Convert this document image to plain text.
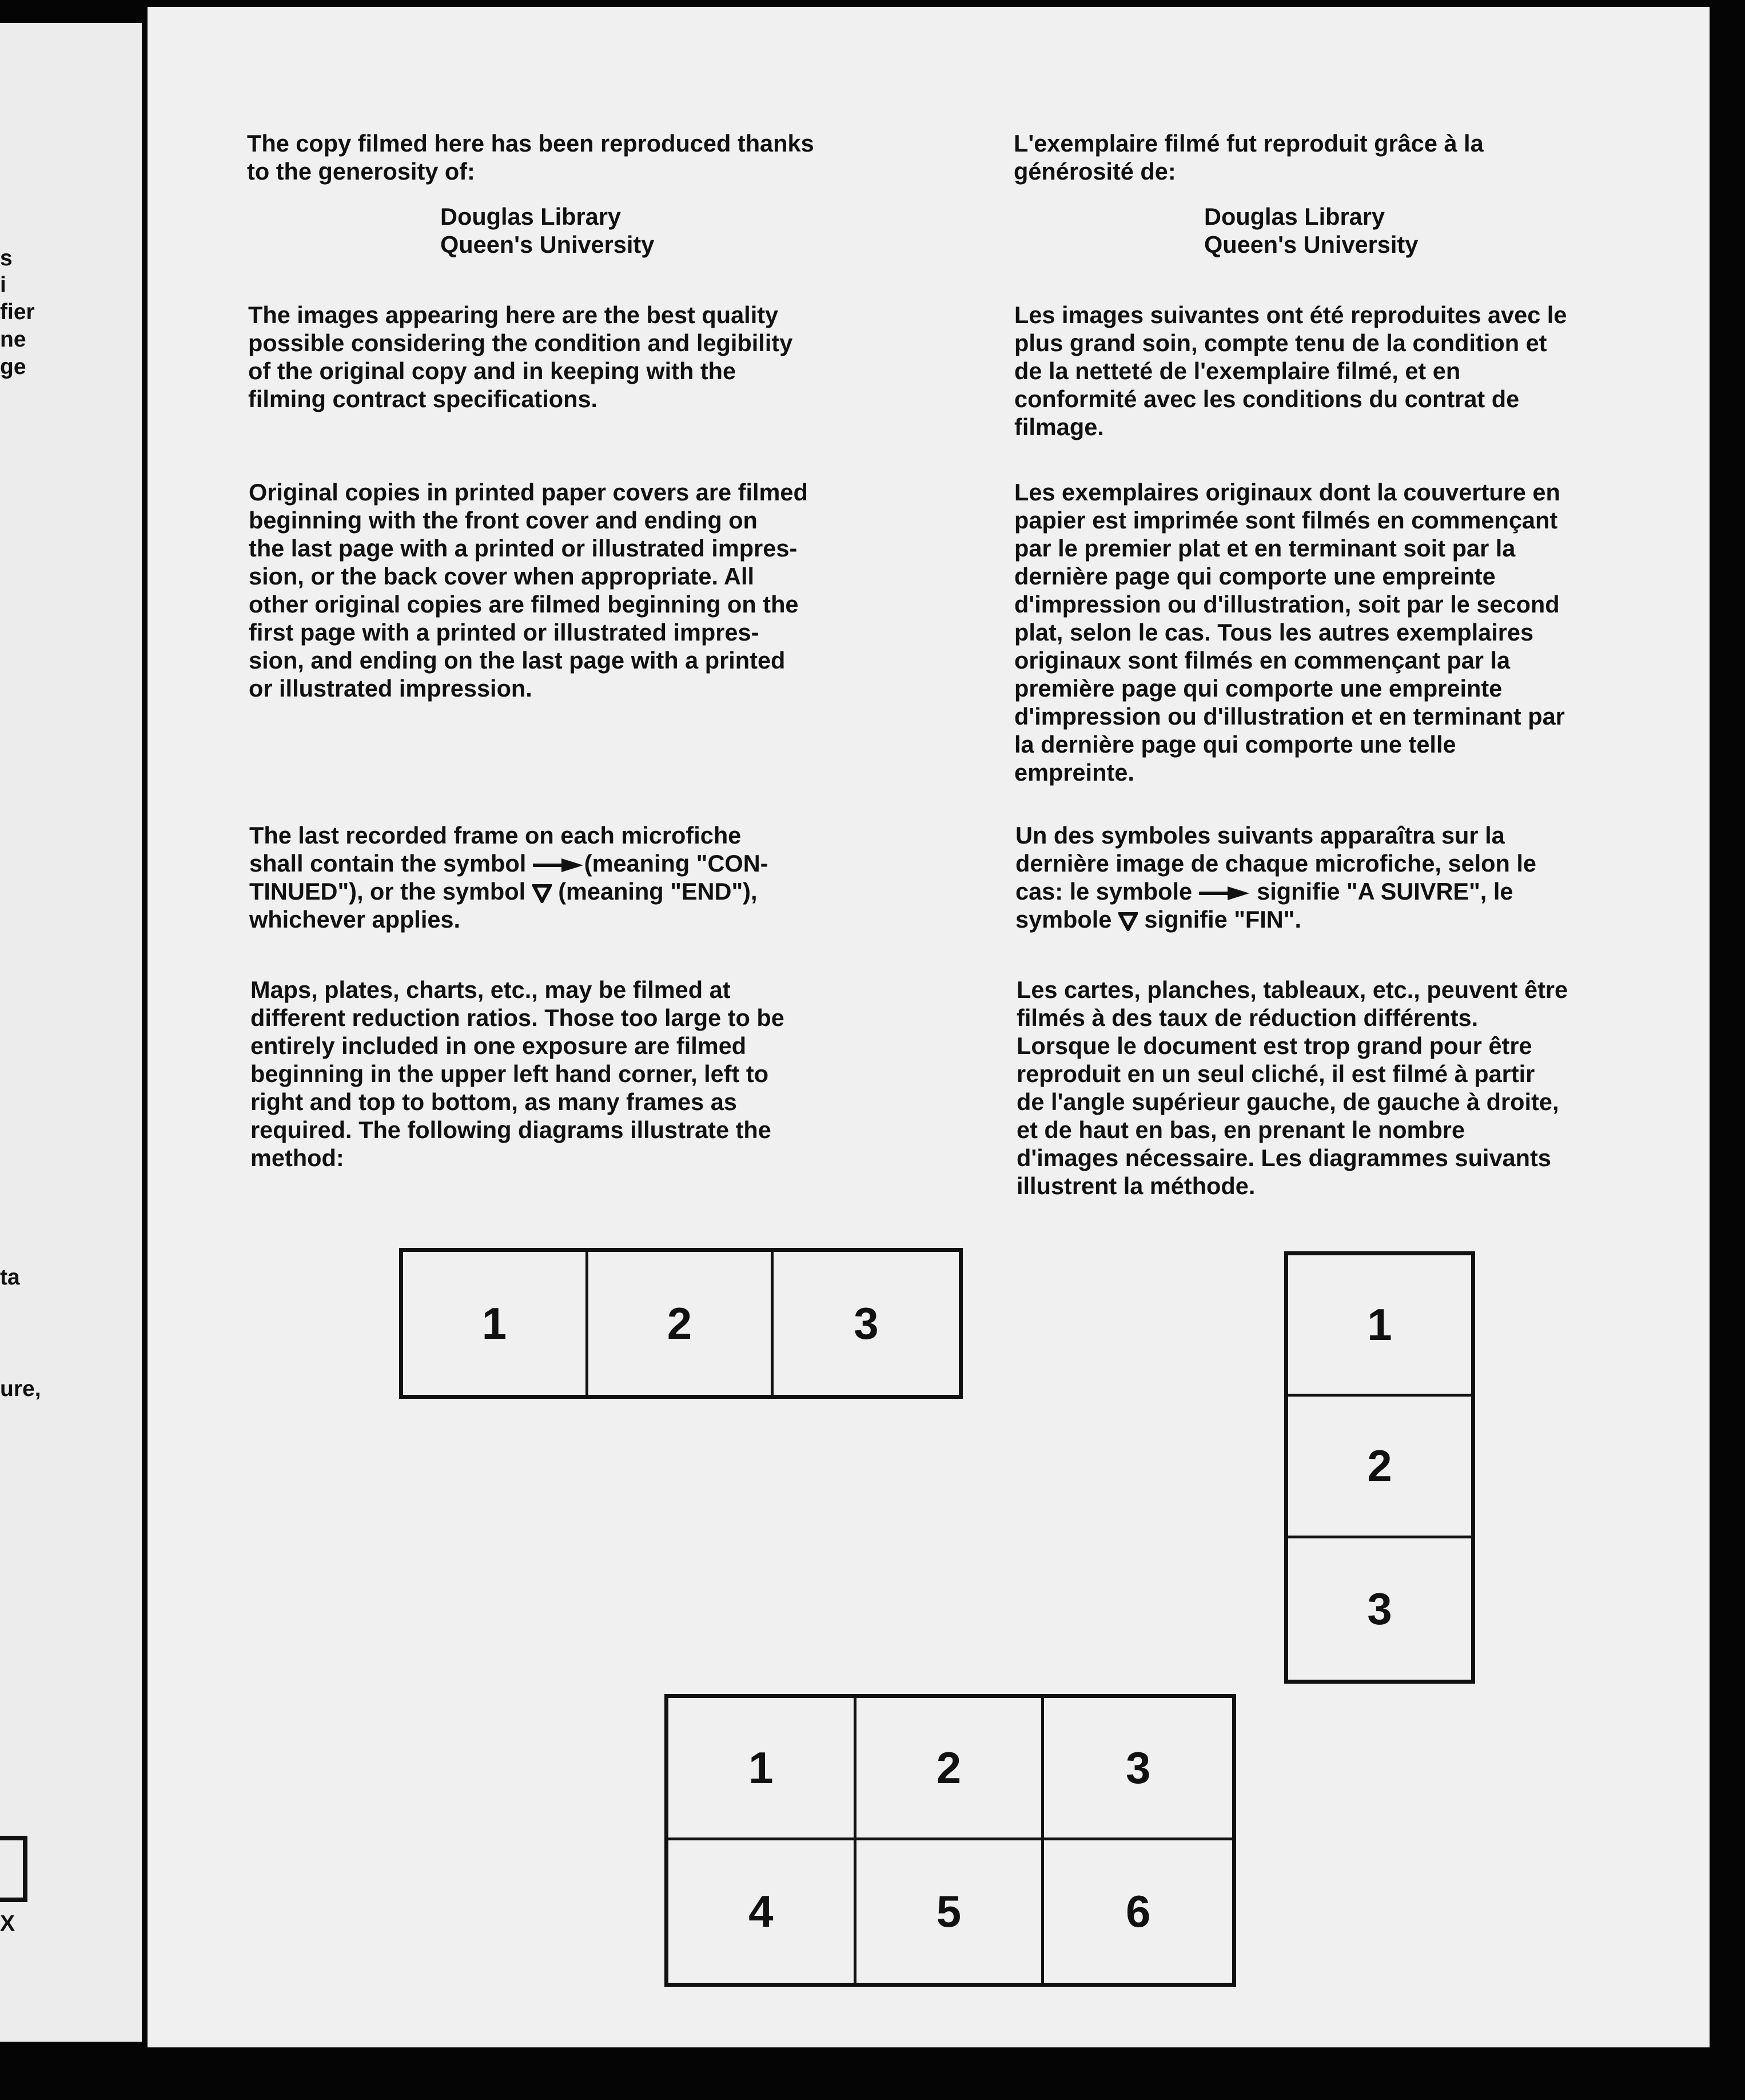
s
i
fier
ne
ge
ta
ure,
X

The copy filmed here has been reproduced thanks
to the generosity of:

Douglas Library

Queen's University

The images appearing here are the best quality
possible considering the condition and legibility
of the original copy and in keeping with the
filming contract specifications.

Original copies in printed paper covers are filmed
beginning with the front cover and ending on
the last page with a printed or illustrated impres-
sion, or the back cover when appropriate. All
other original copies are filmed beginning on the
first page with a printed or illustrated impres-
sion, and ending on the last page with a printed
or illustrated impression.

The last recorded frame on each microfiche
shall contain the symbol (meaning "CON-
TINUED"), or the symbol  (meaning "END"),
whichever applies.

Maps, plates, charts, etc., may be filmed at
different reduction ratios. Those too large to be
entirely included in one exposure are filmed
beginning in the upper left hand corner, left to
right and top to bottom, as many frames as
required. The following diagrams illustrate the
method:

L'exemplaire filmé fut reproduit grâce à la
générosité de:

Douglas Library

Queen's University

Les images suivantes ont été reproduites avec le
plus grand soin, compte tenu de la condition et
de la netteté de l'exemplaire filmé, et en
conformité avec les conditions du contrat de
filmage.

Les exemplaires originaux dont la couverture en
papier est imprimée sont filmés en commençant
par le premier plat et en terminant soit par la
dernière page qui comporte une empreinte
d'impression ou d'illustration, soit par le second
plat, selon le cas. Tous les autres exemplaires
originaux sont filmés en commençant par la
première page qui comporte une empreinte
d'impression ou d'illustration et en terminant par
la dernière page qui comporte une telle
empreinte.

Un des symboles suivants apparaîtra sur la
dernière image de chaque microfiche, selon le
cas: le symbole  signifie "A SUIVRE", le
symbole  signifie "FIN".

Les cartes, planches, tableaux, etc., peuvent être
filmés à des taux de réduction différents.
Lorsque le document est trop grand pour être
reproduit en un seul cliché, il est filmé à partir
de l'angle supérieur gauche, de gauche à droite,
et de haut en bas, en prenant le nombre
d'images nécessaire. Les diagrammes suivants
illustrent la méthode.

1	2	3	1
2
3
1	2	3
4	5	6
